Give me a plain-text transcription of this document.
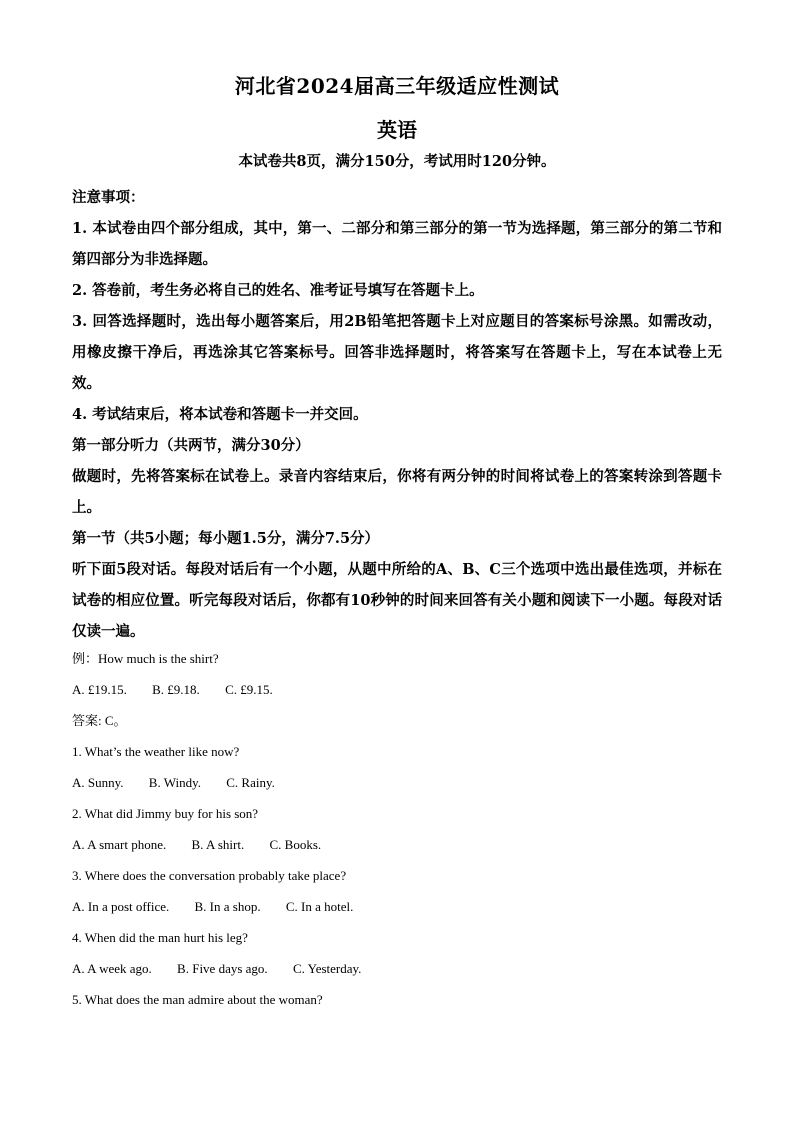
河北省2024届高三年级适应性测试
英语
本试卷共8页，满分150分，考试用时120分钟。

注意事项：

1. 本试卷由四个部分组成，其中，第一、二部分和第三部分的第一节为选择题，第三部分的第二节和第四部分为非选择题。

2. 答卷前，考生务必将自己的姓名、准考证号填写在答题卡上。

3. 回答选择题时，选出每小题答案后，用2B铅笔把答题卡上对应题目的答案标号涂黑。如需改动，用橡皮擦干净后，再选涂其它答案标号。回答非选择题时，将答案写在答题卡上，写在本试卷上无效。

4. 考试结束后，将本试卷和答题卡一并交回。

第一部分听力（共两节，满分30分）

做题时，先将答案标在试卷上。录音内容结束后，你将有两分钟的时间将试卷上的答案转涂到答题卡上。

第一节（共5小题；每小题1.5分，满分7.5分）

听下面5段对话。每段对话后有一个小题，从题中所给的A、B、C三个选项中选出最佳选项，并标在试卷的相应位置。听完每段对话后，你都有10秒钟的时间来回答有关小题和阅读下一小题。每段对话仅读一遍。

例：How much is the shirt?
A. £19.15. B. £9.18. C. £9.15.
答案: C。
1. What’s the weather like now?
A. Sunny. B. Windy. C. Rainy.
2. What did Jimmy buy for his son?
A. A smart phone. B. A shirt. C. Books.
3. Where does the conversation probably take place?
A. In a post office. B. In a shop. C. In a hotel.
4. When did the man hurt his leg?
A. A week ago. B. Five days ago. C. Yesterday.
5. What does the man admire about the woman?
